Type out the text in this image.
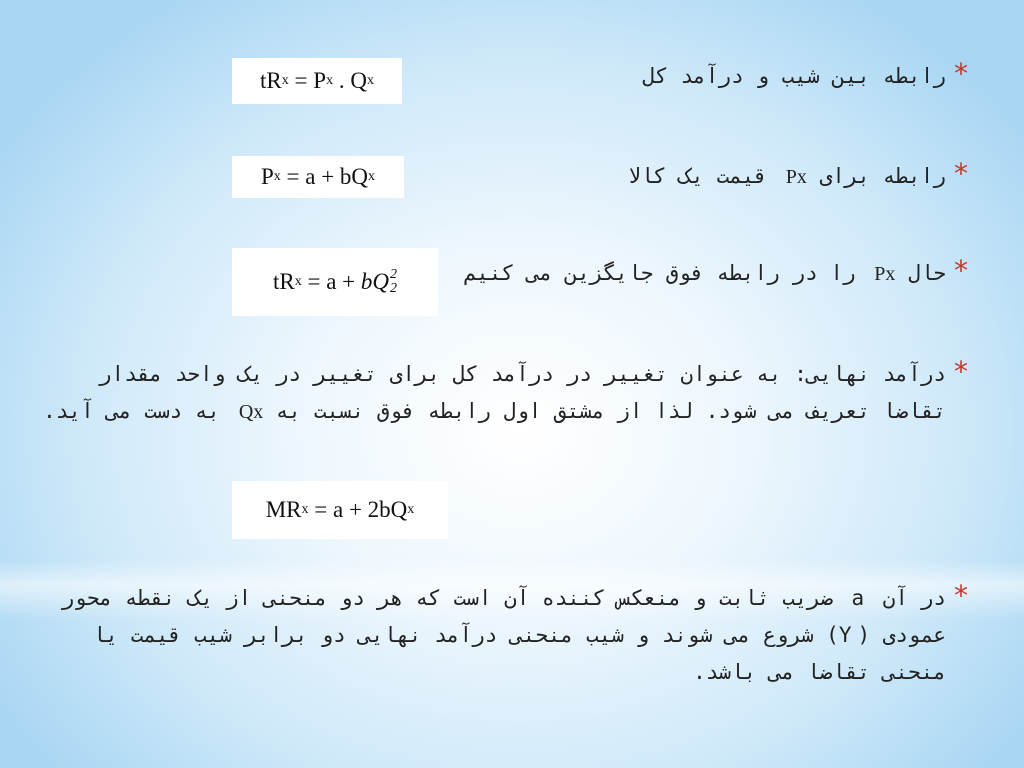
*
رابطه بین شیب و درآمد کل
tR x = P x . Q x
*
رابطه برای Px قیمت یک کالا
P x = a + bQ x
*
حال Px را در رابطه فوق جایگزین می کنیم
tR x = a + bQ 2
2
*
درآمد نهایی: به عنوان تغییر در درآمد کل برای تغییر در یک واحد مقدار تقاضا تعریف می شود. لذا از مشتق اول رابطه فوق نسبت به Qx به دست می آید.
MR x = a + 2bQ x
*
در آن a ضریب ثابت و منعکس کننده آن است که هر دو منحنی از یک نقطه محور عمودی (Y) شروع می شوند و شیب منحنی درآمد نهایی دو برابر شیب قیمت یا منحنی تقاضا می باشد.
